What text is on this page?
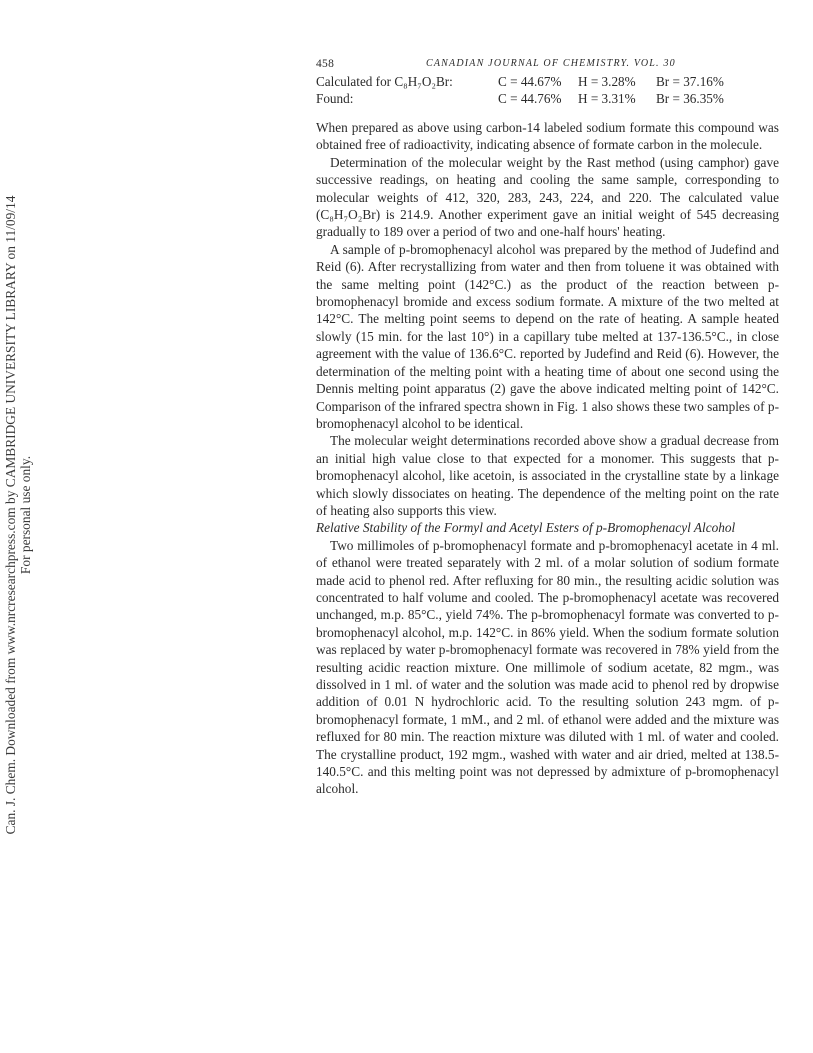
Can. J. Chem. Downloaded from www.nrcresearchpress.com by CAMBRIDGE UNIVERSITY LIBRARY on 11/09/14 For personal use only.
458	CANADIAN JOURNAL OF CHEMISTRY. VOL. 30
Calculated for C₈H₇O₂Br:	C = 44.67% H = 3.28% Br = 37.16%
Found:	C = 44.76% H = 3.31% Br = 36.35%

When prepared as above using carbon-14 labeled sodium formate this compound was obtained free of radioactivity, indicating absence of formate carbon in the molecule.

Determination of the molecular weight by the Rast method (using camphor) gave successive readings, on heating and cooling the same sample, corresponding to molecular weights of 412, 320, 283, 243, 224, and 220. The calculated value (C₈H₇O₂Br) is 214.9. Another experiment gave an initial weight of 545 decreasing gradually to 189 over a period of two and one-half hours' heating.

A sample of p-bromophenacyl alcohol was prepared by the method of Judefind and Reid (6). After recrystallizing from water and then from toluene it was obtained with the same melting point (142°C.) as the product of the reaction between p-bromophenacyl bromide and excess sodium formate. A mixture of the two melted at 142°C. The melting point seems to depend on the rate of heating. A sample heated slowly (15 min. for the last 10°) in a capillary tube melted at 137-136.5°C., in close agreement with the value of 136.6°C. reported by Judefind and Reid (6). However, the determination of the melting point with a heating time of about one second using the Dennis melting point apparatus (2) gave the above indicated melting point of 142°C. Comparison of the infrared spectra shown in Fig. 1 also shows these two samples of p-bromophenacyl alcohol to be identical.

The molecular weight determinations recorded above show a gradual decrease from an initial high value close to that expected for a monomer. This suggests that p-bromophenacyl alcohol, like acetoin, is associated in the crystalline state by a linkage which slowly dissociates on heating. The dependence of the melting point on the rate of heating also supports this view.

Relative Stability of the Formyl and Acetyl Esters of p-Bromophenacyl Alcohol

Two millimoles of p-bromophenacyl formate and p-bromophenacyl acetate in 4 ml. of ethanol were treated separately with 2 ml. of a molar solution of sodium formate made acid to phenol red. After refluxing for 80 min., the resulting acidic solution was concentrated to half volume and cooled. The p-bromophenacyl acetate was recovered unchanged, m.p. 85°C., yield 74%. The p-bromophenacyl formate was converted to p-bromophenacyl alcohol, m.p. 142°C. in 86% yield. When the sodium formate solution was replaced by water p-bromophenacyl formate was recovered in 78% yield from the resulting acidic reaction mixture. One millimole of sodium acetate, 82 mgm., was dissolved in 1 ml. of water and the solution was made acid to phenol red by dropwise addition of 0.01 N hydrochloric acid. To the resulting solution 243 mgm. of p-bromophenacyl formate, 1 mM., and 2 ml. of ethanol were added and the mixture was refluxed for 80 min. The reaction mixture was diluted with 1 ml. of water and cooled. The crystalline product, 192 mgm., washed with water and air dried, melted at 138.5-140.5°C. and this melting point was not depressed by admixture of p-bromophenacyl alcohol.
